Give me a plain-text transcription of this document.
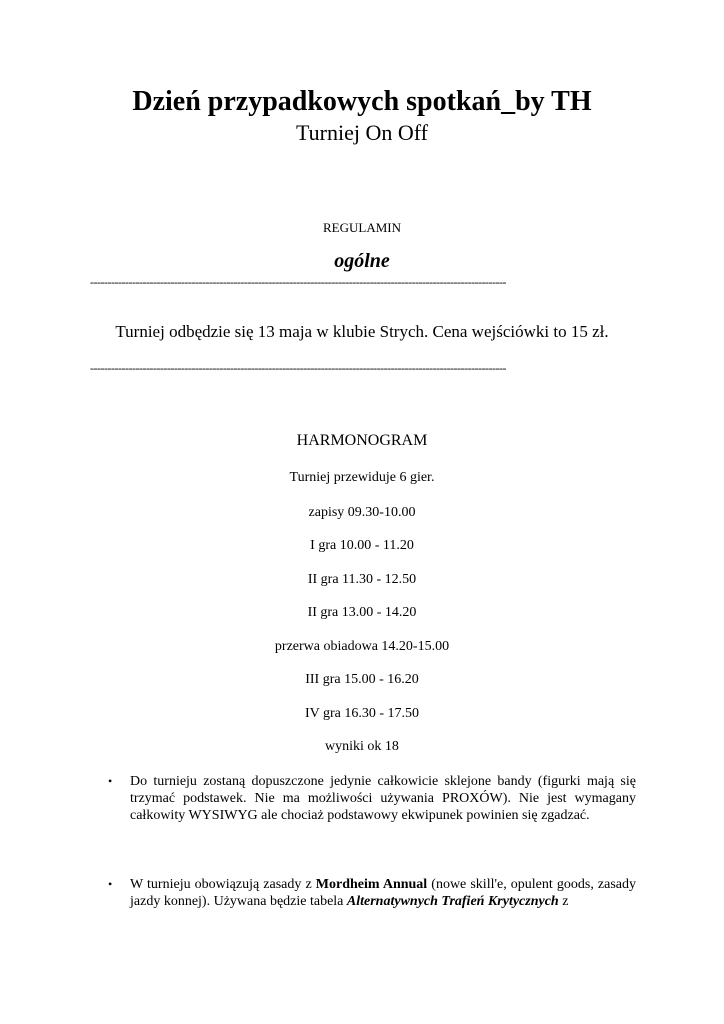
Dzień przypadkowych spotkań_by TH
Turniej On Off
REGULAMIN
ogólne
-----------------------------------------------------------------------------------------------------------------------
Turniej odbędzie się 13 maja w klubie Strych. Cena wejściówki to 15 zł.
-----------------------------------------------------------------------------------------------------------------------
HARMONOGRAM
Turniej przewiduje 6 gier.
zapisy 09.30-10.00
I gra 10.00 - 11.20
II gra 11.30 - 12.50
II gra 13.00 - 14.20
przerwa obiadowa 14.20-15.00
III gra 15.00 - 16.20
IV gra 16.30 - 17.50
wyniki ok 18
•	Do turnieju zostaną dopuszczone jedynie całkowicie sklejone bandy (figurki mają się trzymać podstawek. Nie ma możliwości używania PROXÓW). Nie jest wymagany całkowity WYSIWYG ale chociaż podstawowy ekwipunek powinien się zgadzać.
•	W turnieju obowiązują zasady z Mordheim Annual (nowe skill'e, opulent goods, zasady jazdy konnej). Używana będzie tabela Alternatywnych Trafień Krytycznych z
